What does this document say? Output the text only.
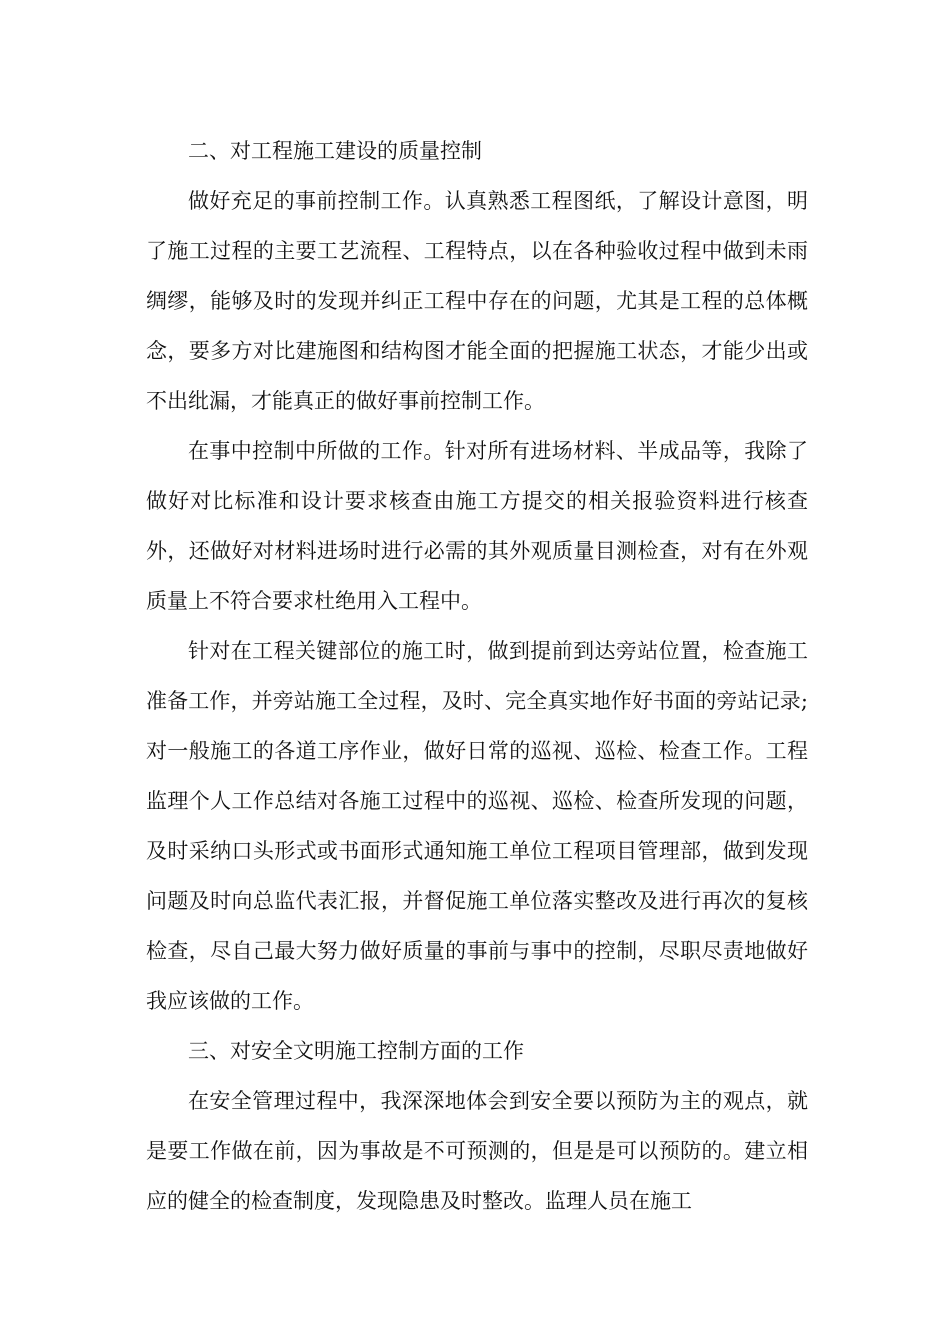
二、对工程施工建设的质量控制

做好充足的事前控制工作。认真熟悉工程图纸，了解设计意图，明了施工过程的主要工艺流程、工程特点，以在各种验收过程中做到未雨绸缪，能够及时的发现并纠正工程中存在的问题，尤其是工程的总体概念，要多方对比建施图和结构图才能全面的把握施工状态，才能少出或不出纰漏，才能真正的做好事前控制工作。

在事中控制中所做的工作。针对所有进场材料、半成品等，我除了做好对比标准和设计要求核查由施工方提交的相关报验资料进行核查外，还做好对材料进场时进行必需的其外观质量目测检查，对有在外观质量上不符合要求杜绝用入工程中。

针对在工程关键部位的施工时，做到提前到达旁站位置，检查施工准备工作，并旁站施工全过程，及时、完全真实地作好书面的旁站记录;对一般施工的各道工序作业，做好日常的巡视、巡检、检查工作。工程监理个人工作总结对各施工过程中的巡视、巡检、检查所发现的问题，及时采纳口头形式或书面形式通知施工单位工程项目管理部，做到发现问题及时向总监代表汇报，并督促施工单位落实整改及进行再次的复核检查，尽自己最大努力做好质量的事前与事中的控制，尽职尽责地做好我应该做的工作。

三、对安全文明施工控制方面的工作

在安全管理过程中，我深深地体会到安全要以预防为主的观点，就是要工作做在前，因为事故是不可预测的，但是是可以预防的。建立相应的健全的检查制度，发现隐患及时整改。监理人员在施工
